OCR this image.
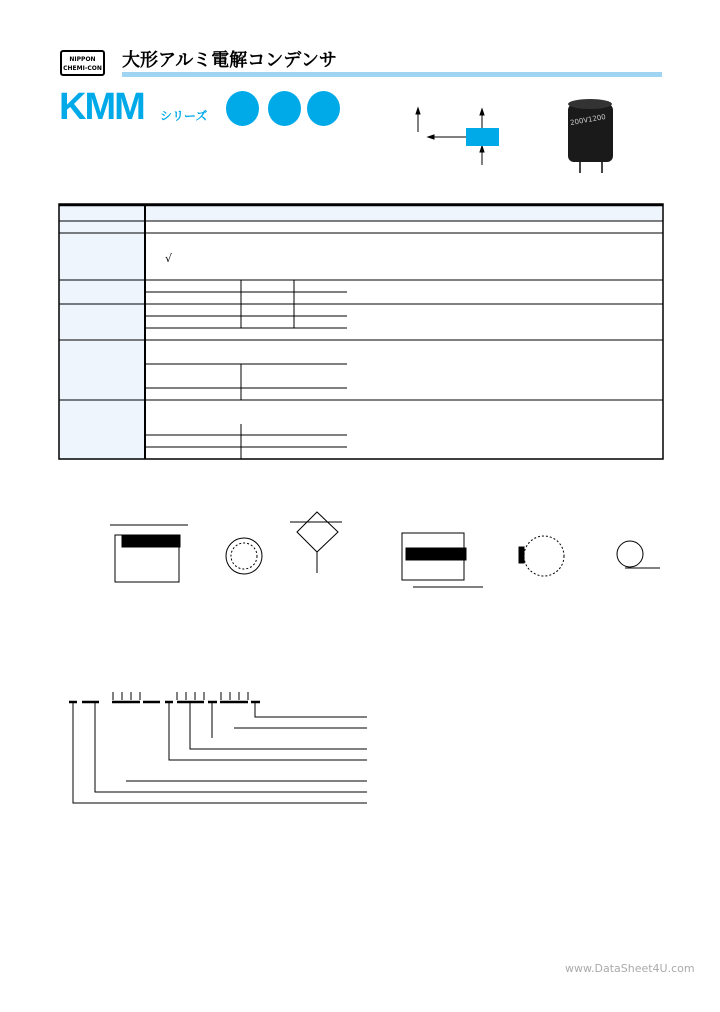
NIPPON
CHEMI-CON 大形アルミ電解コンデンサ
KMM シリーズ
√
200V1200
www.DataSheet4U.com
